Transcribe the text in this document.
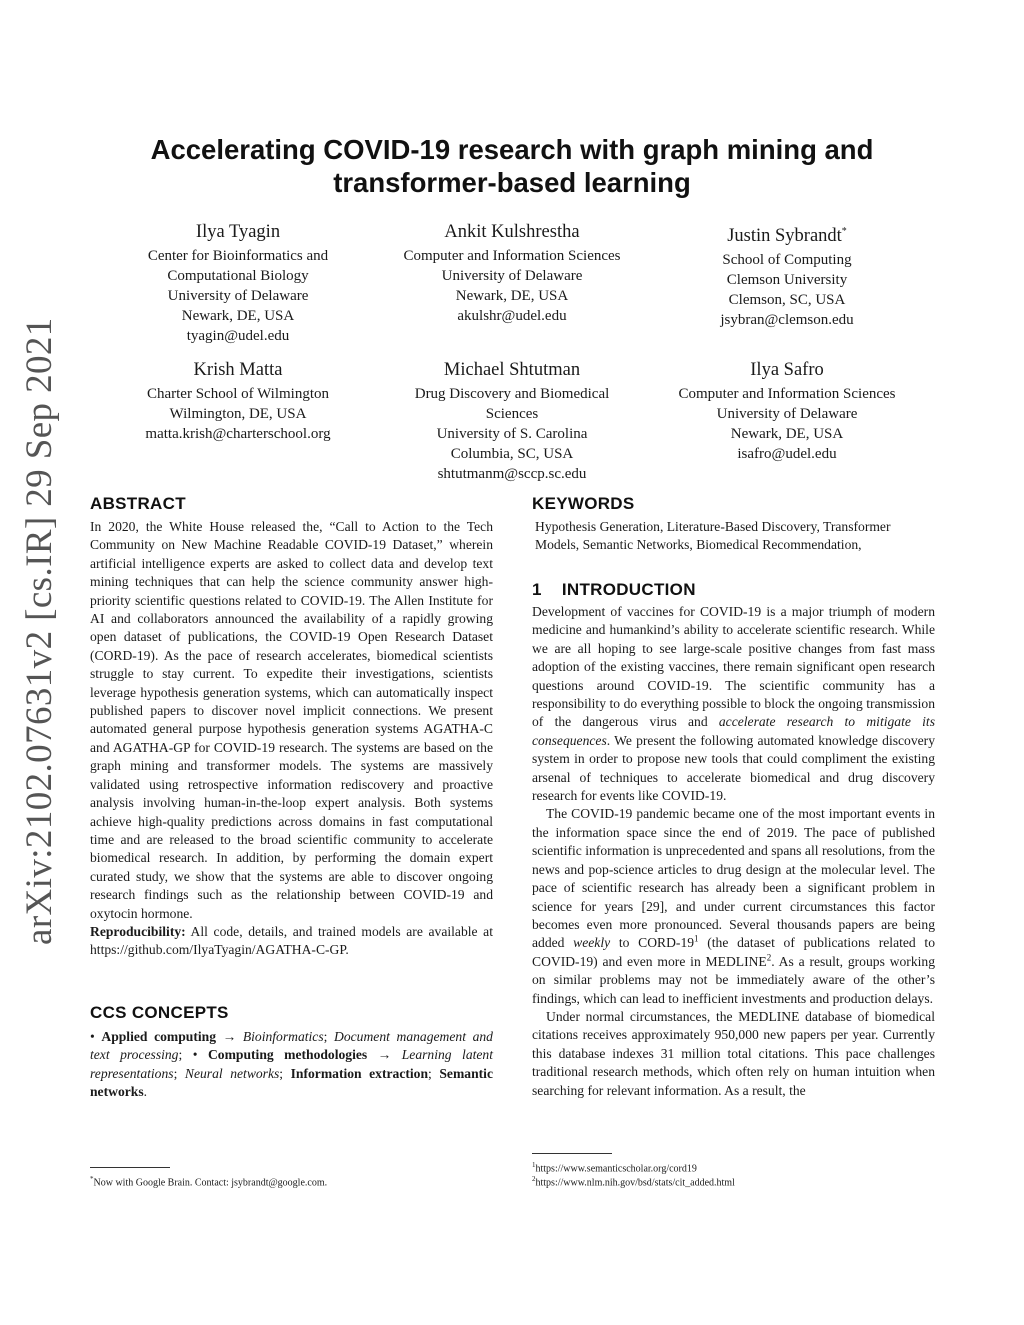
arXiv:2102.07631v2 [cs.IR] 29 Sep 2021
Accelerating COVID-19 research with graph mining and transformer-based learning
Ilya Tyagin
Center for Bioinformatics and
Computational Biology
University of Delaware
Newark, DE, USA
tyagin@udel.edu
Ankit Kulshrestha
Computer and Information Sciences
University of Delaware
Newark, DE, USA
akulshr@udel.edu
Justin Sybrandt*
School of Computing
Clemson University
Clemson, SC, USA
jsybran@clemson.edu
Krish Matta
Charter School of Wilmington
Wilmington, DE, USA
matta.krish@charterschool.org
Michael Shtutman
Drug Discovery and Biomedical
Sciences
University of S. Carolina
Columbia, SC, USA
shtutmanm@sccp.sc.edu
Ilya Safro
Computer and Information Sciences
University of Delaware
Newark, DE, USA
isafro@udel.edu
ABSTRACT

In 2020, the White House released the, “Call to Action to the Tech Community on New Machine Readable COVID-19 Dataset,” wherein artificial intelligence experts are asked to collect data and develop text mining techniques that can help the science community answer high-priority scientific questions related to COVID-19. The Allen Institute for AI and collaborators announced the availability of a rapidly growing open dataset of publications, the COVID-19 Open Research Dataset (CORD-19). As the pace of research accelerates, biomedical scientists struggle to stay current. To expedite their investigations, scientists leverage hypothesis generation systems, which can automatically inspect published papers to discover novel implicit connections. We present automated general purpose hypothesis generation systems AGATHA-C and AGATHA-GP for COVID-19 research. The systems are based on the graph mining and transformer models. The systems are massively validated using retrospective information rediscovery and proactive analysis involving human-in-the-loop expert analysis. Both systems achieve high-quality predictions across domains in fast computational time and are released to the broad scientific community to accelerate biomedical research. In addition, by performing the domain expert curated study, we show that the systems are able to discover ongoing research findings such as the relationship between COVID-19 and oxytocin hormone.

Reproducibility: All code, details, and trained models are available at https://github.com/IlyaTyagin/AGATHA-C-GP.

CCS CONCEPTS

• Applied computing → Bioinformatics; Document management and text processing; • Computing methodologies → Learning latent representations; Neural networks; Information extraction; Semantic networks.

KEYWORDS

Hypothesis Generation, Literature-Based Discovery, Transformer Models, Semantic Networks, Biomedical Recommendation,

1    INTRODUCTION

Development of vaccines for COVID-19 is a major triumph of modern medicine and humankind’s ability to accelerate scientific research. While we are all hoping to see large-scale positive changes from fast mass adoption of the existing vaccines, there remain significant open research questions around COVID-19. The scientific community has a responsibility to do everything possible to block the ongoing transmission of the dangerous virus and accelerate research to mitigate its consequences. We present the following automated knowledge discovery system in order to propose new tools that could compliment the existing arsenal of techniques to accelerate biomedical and drug discovery research for events like COVID-19.

The COVID-19 pandemic became one of the most important events in the information space since the end of 2019. The pace of published scientific information is unprecedented and spans all resolutions, from the news and pop-science articles to drug design at the molecular level. The pace of scientific research has already been a significant problem in science for years [29], and under current circumstances this factor becomes even more pronounced. Several thousands papers are being added weekly to CORD-$19^1$ (the dataset of publications related to COVID-19) and even more in MEDLINE$^2$. As a result, groups working on similar problems may not be immediately aware of the other’s findings, which can lead to inefficient investments and production delays.

Under normal circumstances, the MEDLINE database of biomedical citations receives approximately 950,000 new papers per year. Currently this database indexes 31 million total citations. This pace challenges traditional research methods, which often rely on human intuition when searching for relevant information. As a result, the

*Now with Google Brain. Contact: jsybrandt@google.com.
$^1$https://www.semanticscholar.org/cord19
$^2$https://www.nlm.nih.gov/bsd/stats/cit_added.html
